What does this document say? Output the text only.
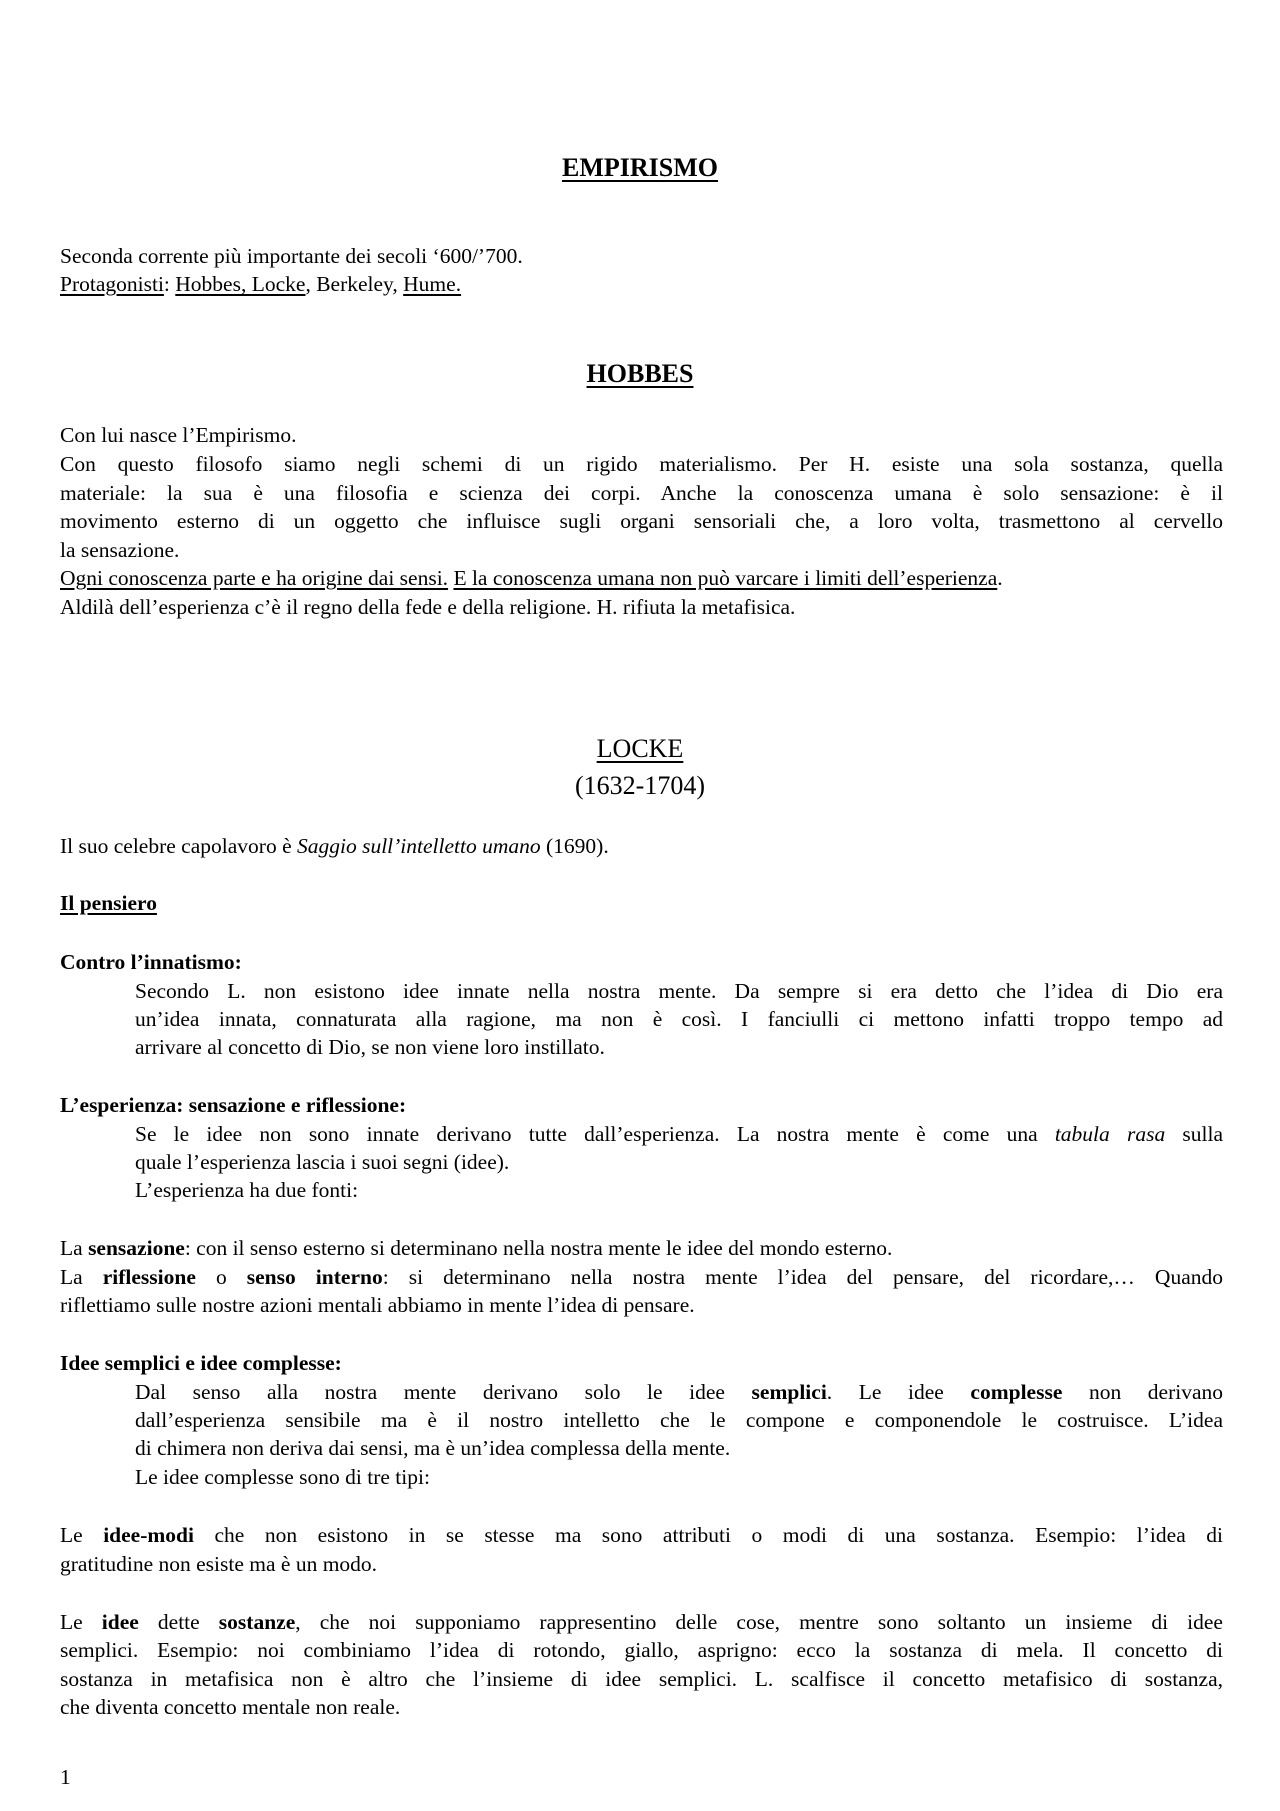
EMPIRISMO
Seconda corrente più importante dei secoli ‘600/’700.
Protagonisti: Hobbes, Locke, Berkeley, Hume.
HOBBES
Con lui nasce l’Empirismo.
Con questo filosofo siamo negli schemi di un rigido materialismo. Per H. esiste una sola sostanza, quella
materiale: la sua è una filosofia e scienza dei corpi. Anche la conoscenza umana è solo sensazione: è il
movimento esterno di un oggetto che influisce sugli organi sensoriali che, a loro volta, trasmettono al cervello
la sensazione.
Ogni conoscenza parte e ha origine dai sensi. E la conoscenza umana non può varcare i limiti dell’esperienza.
Aldilà dell’esperienza c’è il regno della fede e della religione. H. rifiuta la metafisica.
LOCKE
(1632-1704)
Il suo celebre capolavoro è Saggio sull’intelletto umano (1690).
Il pensiero
Contro l’innatismo:
Secondo L. non esistono idee innate nella nostra mente. Da sempre si era detto che l’idea di Dio era
un’idea innata, connaturata alla ragione, ma non è così. I fanciulli ci mettono infatti troppo tempo ad
arrivare al concetto di Dio, se non viene loro instillato.
L’esperienza: sensazione e riflessione:
Se le idee non sono innate derivano tutte dall’esperienza. La nostra mente è come una tabula rasa sulla
quale l’esperienza lascia i suoi segni (idee).
L’esperienza ha due fonti:
La sensazione: con il senso esterno si determinano nella nostra mente le idee del mondo esterno.
La riflessione o senso interno: si determinano nella nostra mente l’idea del pensare, del ricordare,… Quando
riflettiamo sulle nostre azioni mentali abbiamo in mente l’idea di pensare.
Idee semplici e idee complesse:
Dal senso alla nostra mente derivano solo le idee semplici. Le idee complesse non derivano
dall’esperienza sensibile ma è il nostro intelletto che le compone e componendole le costruisce. L’idea
di chimera non deriva dai sensi, ma è un’idea complessa della mente.
Le idee complesse sono di tre tipi:
Le idee-modi che non esistono in se stesse ma sono attributi o modi di una sostanza. Esempio: l’idea di
gratitudine non esiste ma è un modo.
Le idee dette sostanze, che noi supponiamo rappresentino delle cose, mentre sono soltanto un insieme di idee
semplici. Esempio: noi combiniamo l’idea di rotondo, giallo, asprigno: ecco la sostanza di mela. Il concetto di
sostanza in metafisica non è altro che l’insieme di idee semplici. L. scalfisce il concetto metafisico di sostanza,
che diventa concetto mentale non reale.
1
